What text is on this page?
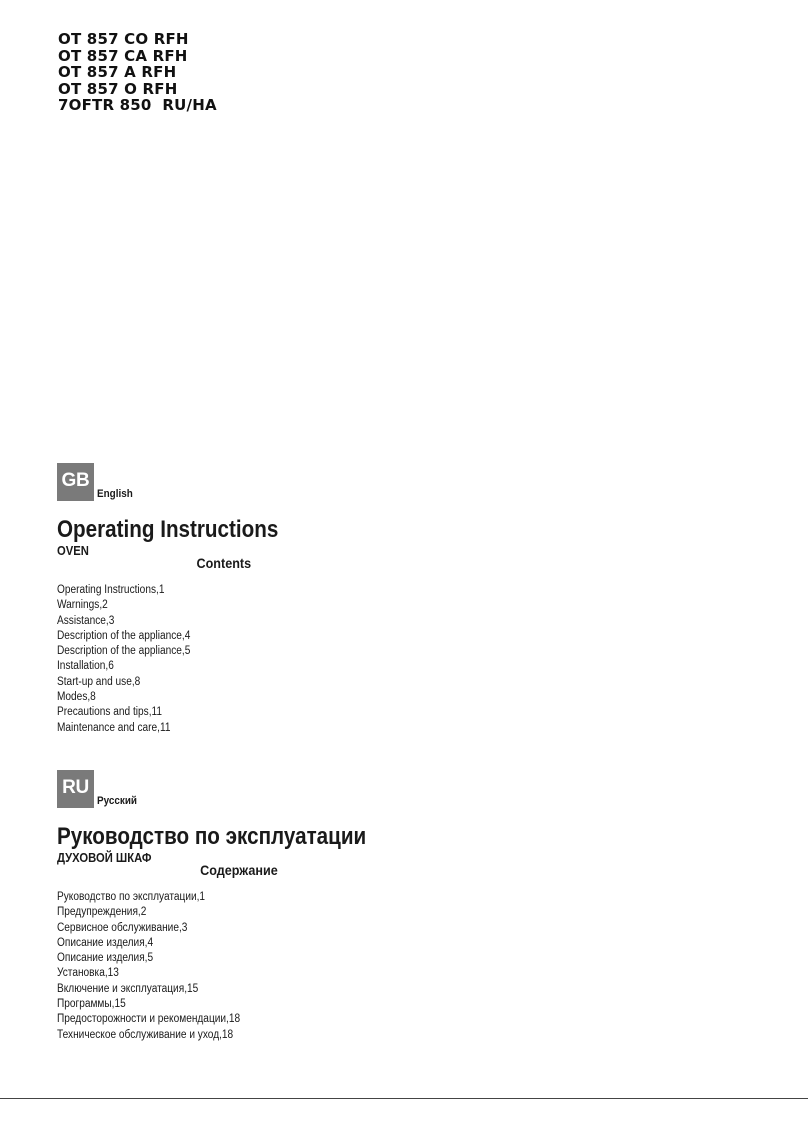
OT 857 CO RFH
OT 857 CA RFH
OT 857 A RFH
OT 857 O RFH
7OFTR 850  RU/HA
GB
English
Operating Instructions
OVEN
Contents
Operating Instructions,1
Warnings,2
Assistance,3
Description of the appliance,4
Description of the appliance,5
Installation,6
Start-up and use,8
Modes,8
Precautions and tips,11
Maintenance and care,11
RU
Русский
Руководство по эксплуатации
ДУХОВОЙ ШКАФ
Содержание
Руководство по эксплуатации,1
Предупреждения,2
Сервисное обслуживание,3
Описание изделия,4
Описание изделия,5
Установка,13
Включение и эксплуатация,15
Программы,15
Предосторожности и рекомендации,18
Техническое обслуживание и уход,18
